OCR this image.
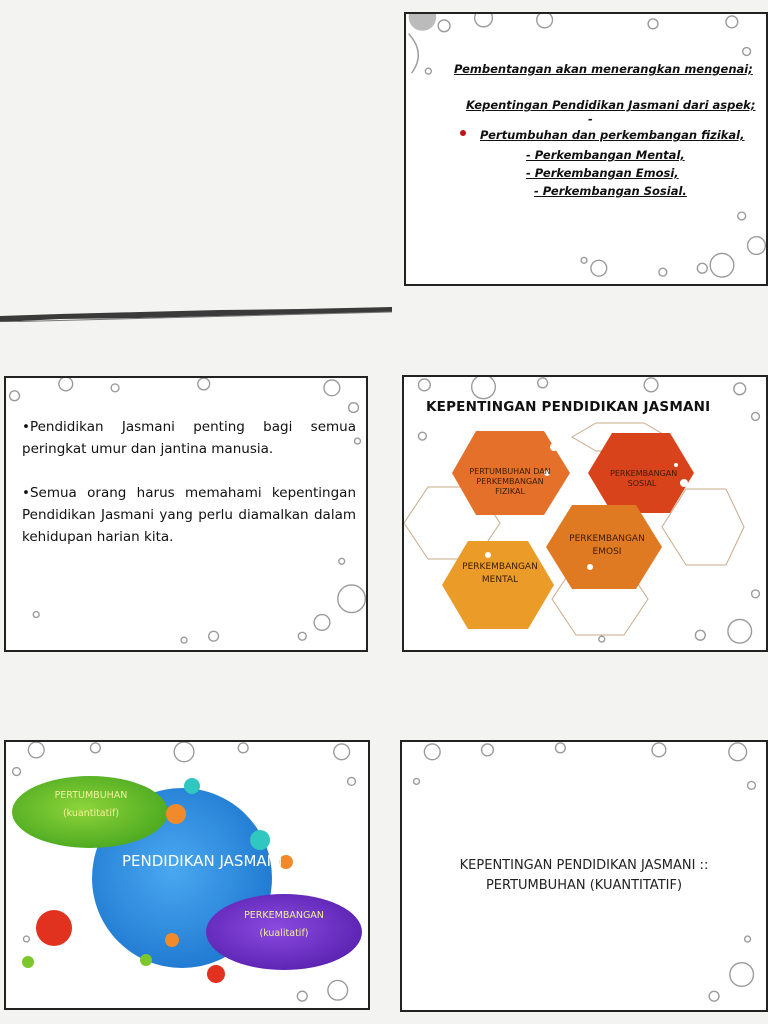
Pembentangan akan menerangkan mengenai;
Kepentingan Pendidikan Jasmani dari aspek;
-
Pertumbuhan dan perkembangan fizikal,
- Perkembangan Mental,
- Perkembangan Emosi,
- Perkembangan Sosial.
•Pendidikan Jasmani penting bagi semua peringkat umur dan jantina manusia.
•Semua orang harus memahami kepentingan Pendidikan Jasmani yang perlu diamalkan dalam kehidupan harian kita.
KEPENTINGAN PENDIDIKAN JASMANI
PERTUMBUHAN DAN PERKEMBANGAN FIZIKAL
PERKEMBANGAN SOSIAL
PERKEMBANGAN EMOSI
PERKEMBANGAN MENTAL
PENDIDIKAN JASMANI
PERTUMBUHAN
(kuantitatif)
PERKEMBANGAN
(kualitatif)
KEPENTINGAN PENDIDIKAN JASMANI ::
PERTUMBUHAN (KUANTITATIF)
